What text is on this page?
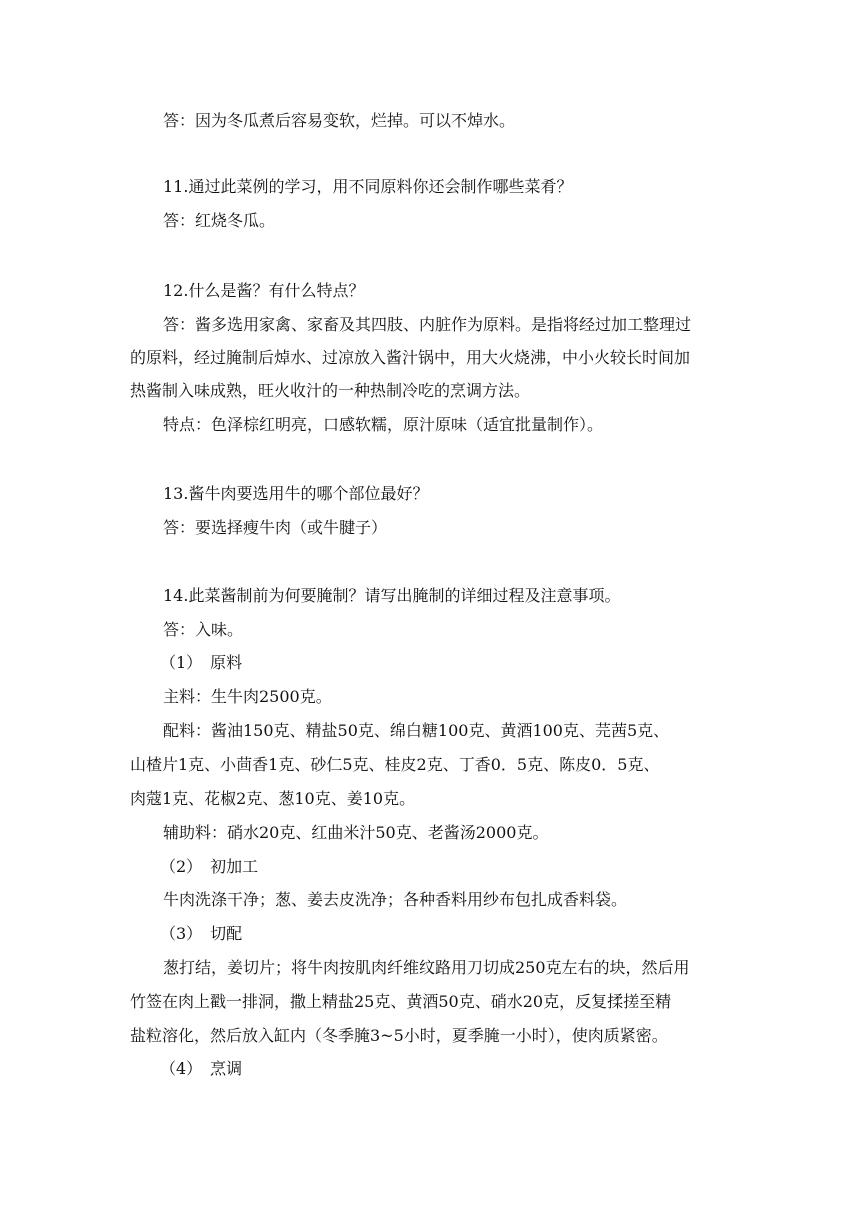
答：因为冬瓜煮后容易变软，烂掉。可以不焯水。
11.通过此菜例的学习，用不同原料你还会制作哪些菜肴？
答：红烧冬瓜。
12.什么是酱？有什么特点？
答：酱多选用家禽、家畜及其四肢、内脏作为原料。是指将经过加工整理过
的原料，经过腌制后焯水、过凉放入酱汁锅中，用大火烧沸，中小火较长时间加
热酱制入味成熟，旺火收汁的一种热制冷吃的烹调方法。
特点：色泽棕红明亮，口感软糯，原汁原味（适宜批量制作）。
13.酱牛肉要选用牛的哪个部位最好？
答：要选择瘦牛肉（或牛腱子）
14.此菜酱制前为何要腌制？请写出腌制的详细过程及注意事项。
答：入味。
（1）　原料
主料：生牛肉2500克。
配料：酱油150克、精盐50克、绵白糖100克、黄酒100克、芫茜5克、
山楂片1克、小茴香1克、砂仁5克、桂皮2克、丁香0．5克、陈皮0．5克、
肉蔻1克、花椒2克、葱10克、姜10克。
辅助料：硝水20克、红曲米汁50克、老酱汤2000克。
（2）　初加工
牛肉洗涤干净；葱、姜去皮洗净；各种香料用纱布包扎成香料袋。
（3）　切配
葱打结，姜切片；将牛肉按肌肉纤维纹路用刀切成250克左右的块，然后用
竹签在肉上戳一排洞，撒上精盐25克、黄酒50克、硝水20克，反复揉搓至精
盐粒溶化，然后放入缸内（冬季腌3~5小时，夏季腌一小时），使肉质紧密。
（4）　烹调
